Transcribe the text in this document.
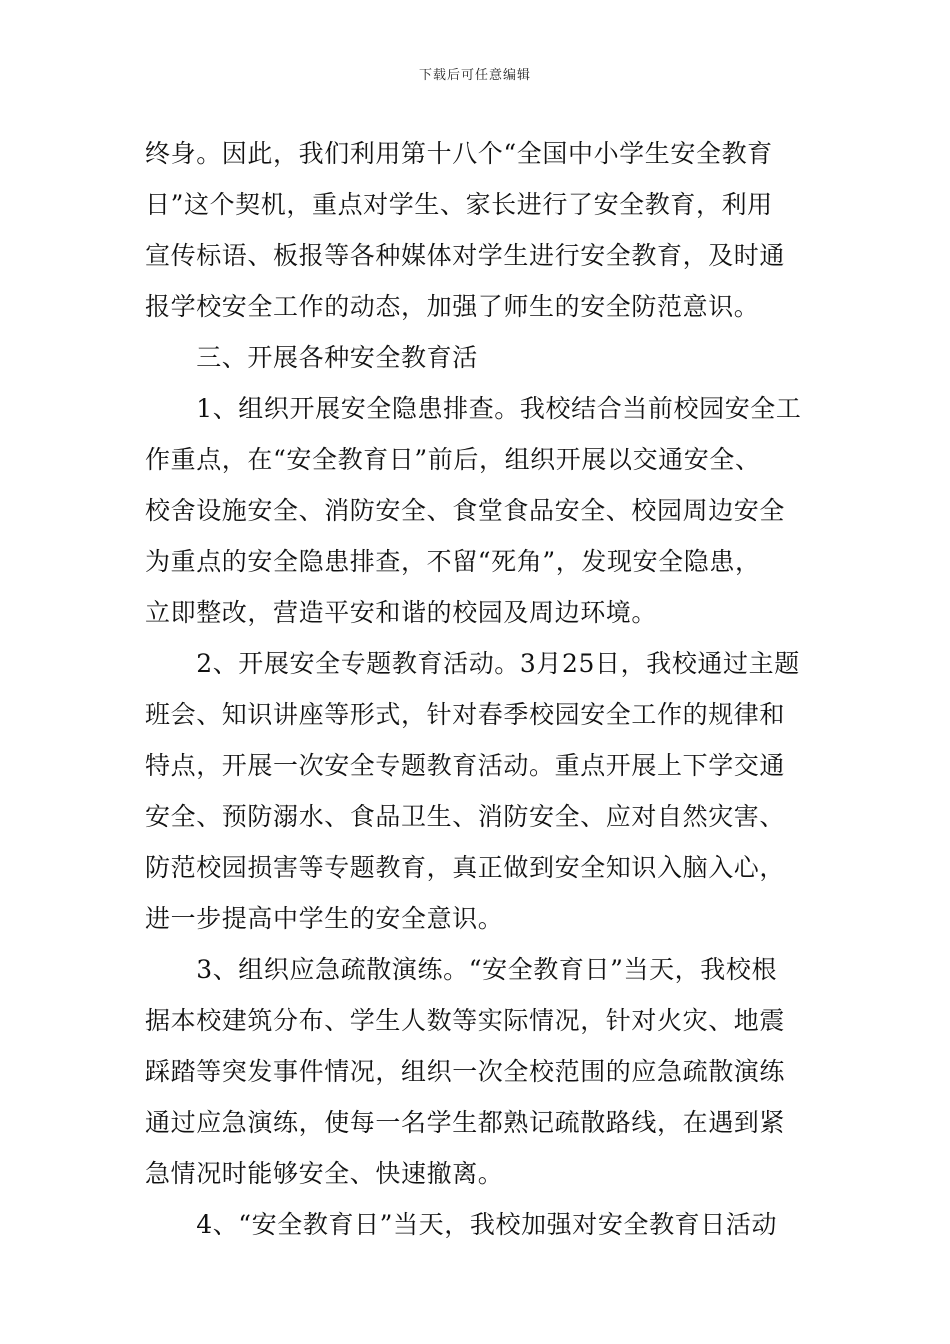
下载后可任意编辑
终身。因此，我们利用第十八个“全国中小学生安全教育
日”这个契机，重点对学生、家长进行了安全教育，利用
宣传标语、板报等各种媒体对学生进行安全教育，及时通
报学校安全工作的动态，加强了师生的安全防范意识。
　　三、开展各种安全教育活
　　1、组织开展安全隐患排查。我校结合当前校园安全工
作重点，在“安全教育日”前后，组织开展以交通安全、
校舍设施安全、消防安全、食堂食品安全、校园周边安全
为重点的安全隐患排查，不留“死角”，发现安全隐患，
立即整改，营造平安和谐的校园及周边环境。
　　2、开展安全专题教育活动。3月25日，我校通过主题
班会、知识讲座等形式，针对春季校园安全工作的规律和
特点，开展一次安全专题教育活动。重点开展上下学交通
安全、预防溺水、食品卫生、消防安全、应对自然灾害、
防范校园损害等专题教育，真正做到安全知识入脑入心，
进一步提高中学生的安全意识。
　　3、组织应急疏散演练。“安全教育日”当天，我校根
据本校建筑分布、学生人数等实际情况，针对火灾、地震
踩踏等突发事件情况，组织一次全校范围的应急疏散演练
通过应急演练，使每一名学生都熟记疏散路线，在遇到紧
急情况时能够安全、快速撤离。
　　4、“安全教育日”当天，我校加强对安全教育日活动
